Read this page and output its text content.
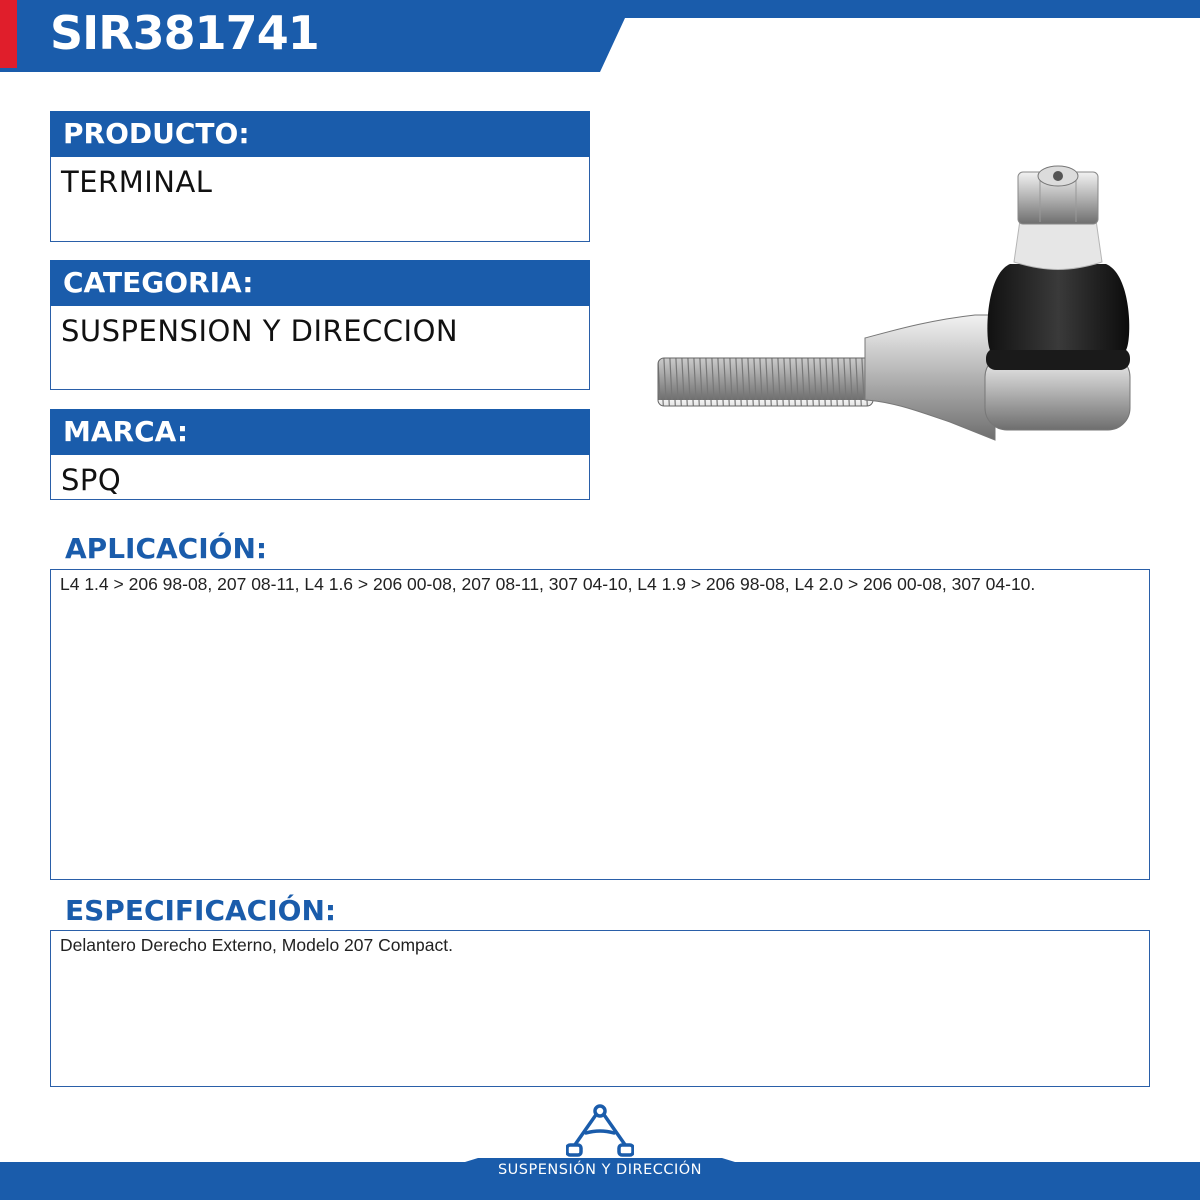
SIR381741
PRODUCTO:
TERMINAL
CATEGORIA:
SUSPENSION Y DIRECCION
MARCA:
SPQ
APLICACIÓN:
L4 1.4 > 206 98-08, 207 08-11, L4 1.6 > 206 00-08, 207 08-11, 307 04-10, L4 1.9 > 206 98-08, L4 2.0 > 206 00-08, 307 04-10.
ESPECIFICACIÓN:
Delantero Derecho Externo, Modelo 207 Compact.
SUSPENSIÓN Y DIRECCIÓN
